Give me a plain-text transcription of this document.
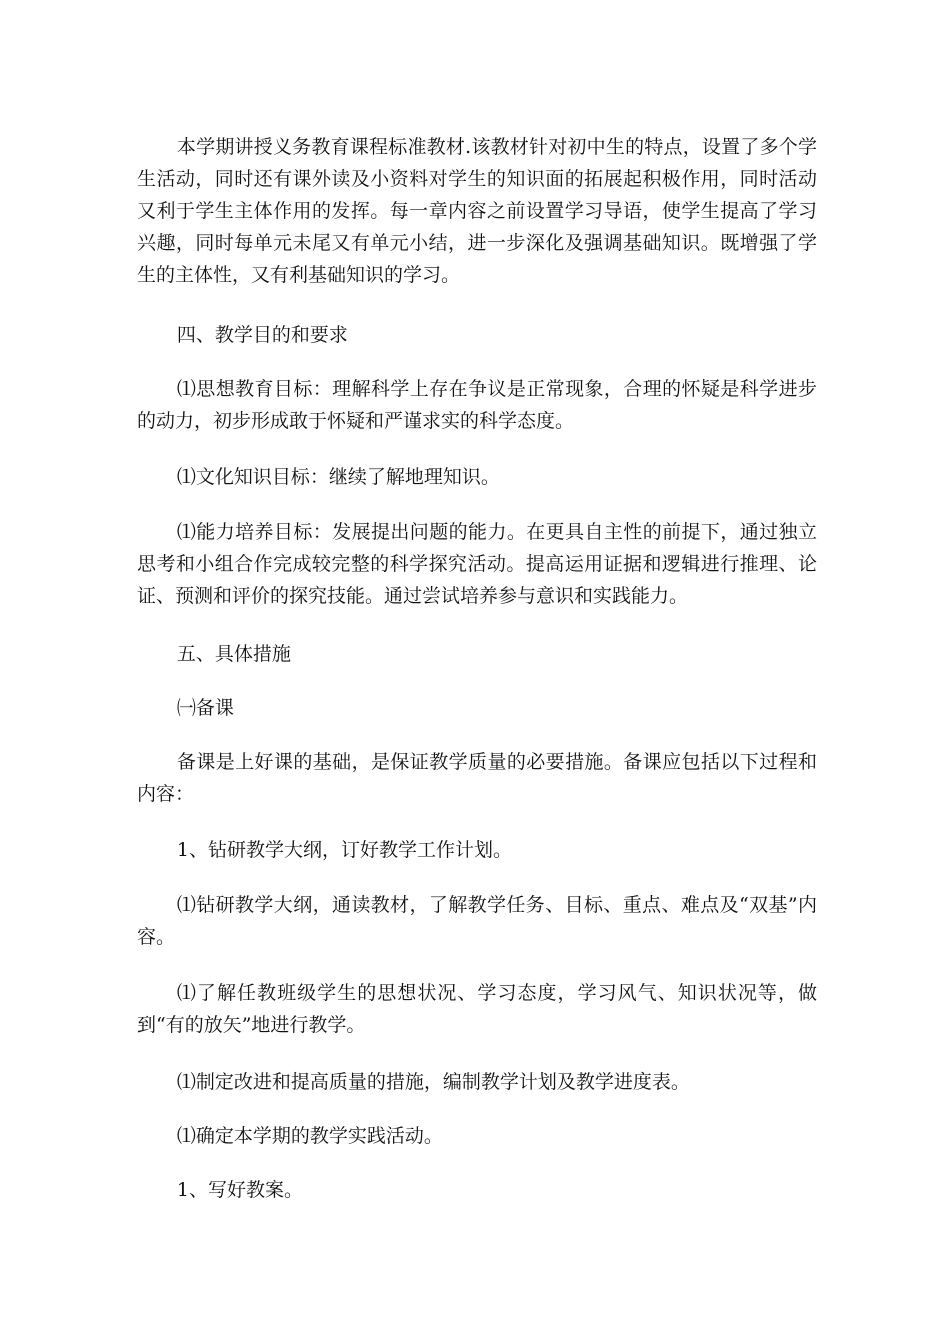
本学期讲授义务教育课程标准教材.该教材针对初中生的特点，设置了多个学生活动，同时还有课外读及小资料对学生的知识面的拓展起积极作用，同时活动又利于学生主体作用的发挥。每一章内容之前设置学习导语，使学生提高了学习兴趣，同时每单元未尾又有单元小结，进一步深化及强调基础知识。既增强了学生的主体性，又有利基础知识的学习。

四、教学目的和要求

⑴思想教育目标：理解科学上存在争议是正常现象，合理的怀疑是科学进步的动力，初步形成敢于怀疑和严谨求实的科学态度。

⑴文化知识目标：继续了解地理知识。

⑴能力培养目标：发展提出问题的能力。在更具自主性的前提下，通过独立思考和小组合作完成较完整的科学探究活动。提高运用证据和逻辑进行推理、论证、预测和评价的探究技能。通过尝试培养参与意识和实践能力。

五、具体措施

㈠备课

备课是上好课的基础，是保证教学质量的必要措施。备课应包括以下过程和内容：

1、钻研教学大纲，订好教学工作计划。

⑴钻研教学大纲，通读教材，了解教学任务、目标、重点、难点及“双基”内容。

⑴了解任教班级学生的思想状况、学习态度，学习风气、知识状况等，做到“有的放矢”地进行教学。

⑴制定改进和提高质量的措施，编制教学计划及教学进度表。

⑴确定本学期的教学实践活动。

1、写好教案。
